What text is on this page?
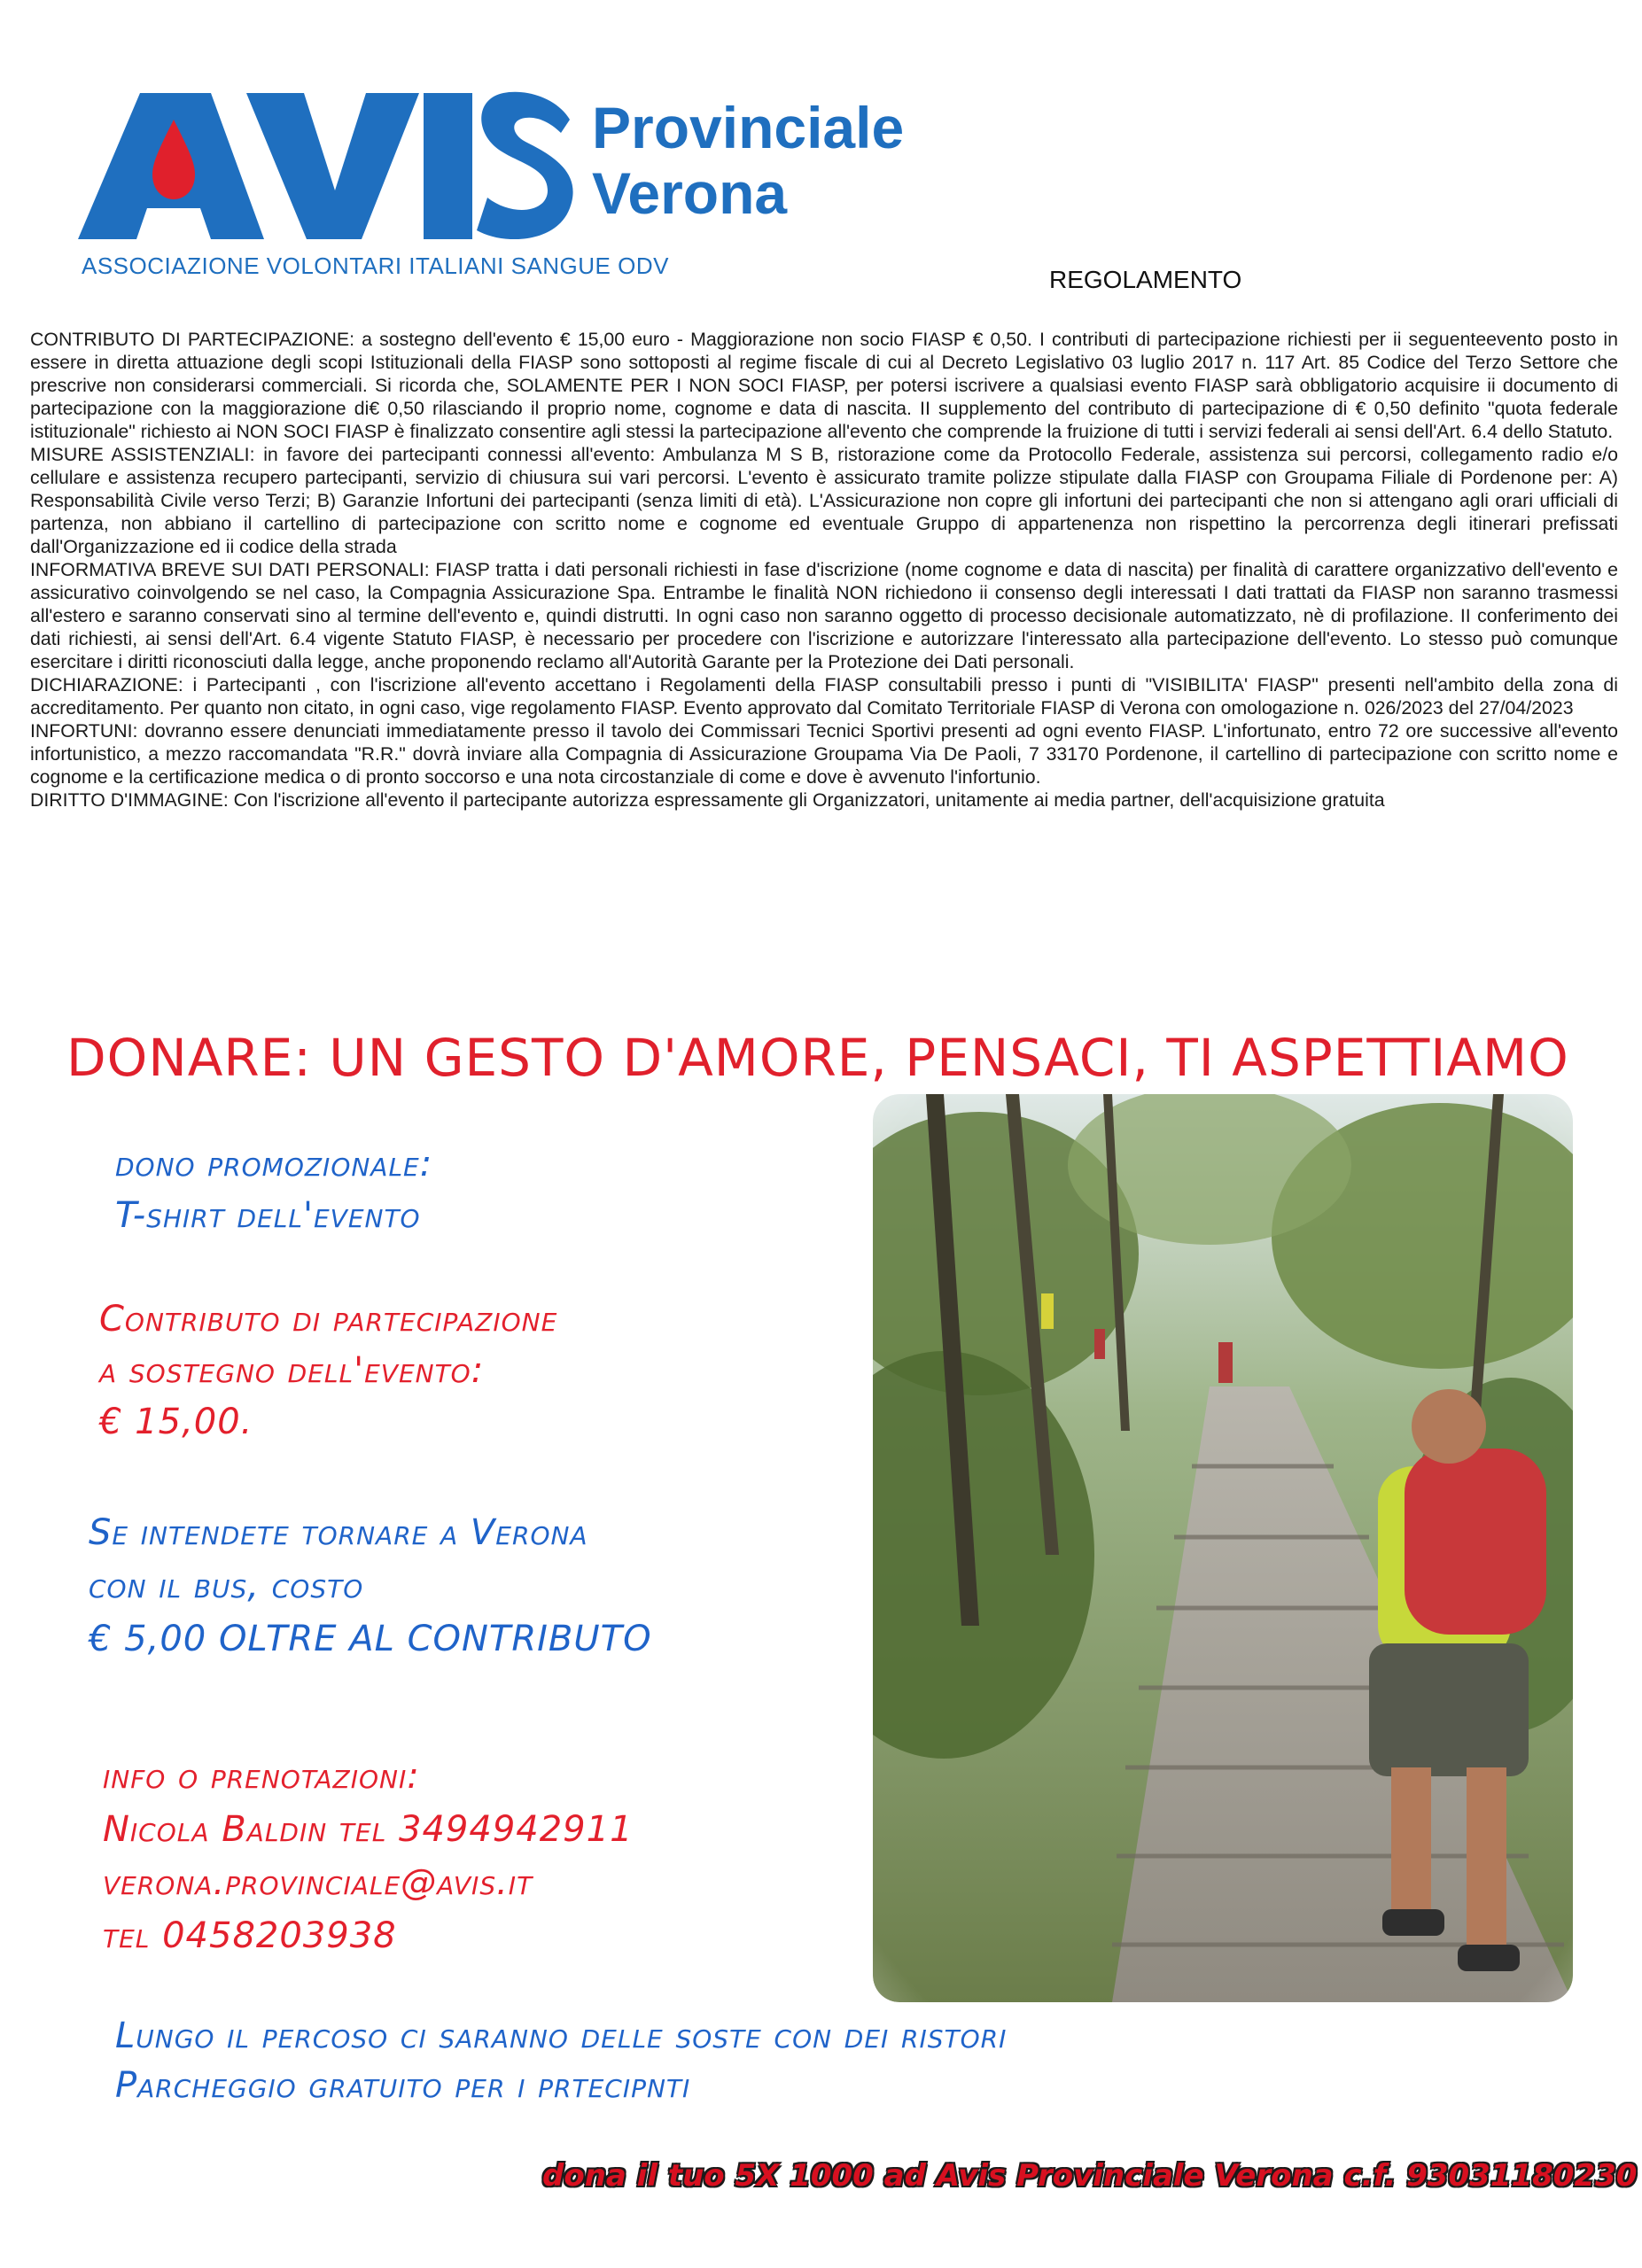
Provinciale
Verona
ASSOCIAZIONE VOLONTARI ITALIANI SANGUE ODV	REGOLAMENTO

CONTRIBUTO DI PARTECIPAZIONE: a sostegno dell'evento € 15,00 euro - Maggiorazione non socio FIASP € 0,50. I contributi di partecipazione richiesti per ii seguenteevento posto in essere in diretta attuazione degli scopi Istituzionali della FIASP sono sottoposti al regime fiscale di cui al Decreto Legislativo 03 luglio 2017 n. 117 Art. 85 Codice del Terzo Settore che prescrive non considerarsi commerciali. Si ricorda che, SOLAMENTE PER I NON SOCI FIASP, per potersi iscrivere a qualsiasi evento FIASP sarà obbligatorio acquisire ii documento di partecipazione con la maggiorazione di€ 0,50 rilasciando il proprio nome, cognome e data di nascita. II supplemento del contributo di partecipazione di € 0,50 definito "quota federale istituzionale" richiesto ai NON SOCI FIASP è finalizzato consentire agli stessi la partecipazione all'evento che comprende la fruizione di tutti i servizi federali ai sensi dell'Art. 6.4 dello Statuto.

MISURE ASSISTENZIALI: in favore dei partecipanti connessi all'evento: Ambulanza M S B, ristorazione come da Protocollo Federale, assistenza sui percorsi, collegamento radio e/o cellulare e assistenza recupero partecipanti, servizio di chiusura sui vari percorsi. L'evento è assicurato tramite polizze stipulate dalla FIASP con Groupama Filiale di Pordenone per: A) Responsabilità Civile verso Terzi; B) Garanzie Infortuni dei partecipanti (senza limiti di età). L'Assicurazione non copre gli infortuni dei partecipanti che non si attengano agli orari ufficiali di partenza, non abbiano il cartellino di partecipazione con scritto nome e cognome ed eventuale Gruppo di appartenenza non rispettino la percorrenza degli itinerari prefissati dall'Organizzazione ed ii codice della strada

INFORMATIVA BREVE SUI DATI PERSONALI: FIASP tratta i dati personali richiesti in fase d'iscrizione (nome cognome e data di nascita) per finalità di carattere organizzativo dell'evento e assicurativo coinvolgendo se nel caso, la Compagnia Assicurazione Spa. Entrambe le finalità NON richiedono ii consenso degli interessati I dati trattati da FIASP non saranno trasmessi all'estero e saranno conservati sino al termine dell'evento e, quindi distrutti. In ogni caso non saranno oggetto di processo decisionale automatizzato, nè di profilazione. II conferimento dei dati richiesti, ai sensi dell'Art. 6.4 vigente Statuto FIASP, è necessario per procedere con l'iscrizione e autorizzare l'interessato alla partecipazione dell'evento. Lo stesso può comunque esercitare i diritti riconosciuti dalla legge, anche proponendo reclamo all'Autorità Garante per la Protezione dei Dati personali.

DICHIARAZIONE: i Partecipanti , con l'iscrizione all'evento accettano i Regolamenti della FIASP consultabili presso i punti di "VISIBILITA' FIASP" presenti nell'ambito della zona di accreditamento. Per quanto non citato, in ogni caso, vige regolamento FIASP. Evento approvato dal Comitato Territoriale FIASP di Verona con omologazione n. 026/2023 del 27/04/2023

INFORTUNI: dovranno essere denunciati immediatamente presso il tavolo dei Commissari Tecnici Sportivi presenti ad ogni evento FIASP. L'infortunato, entro 72 ore successive all'evento infortunistico, a mezzo raccomandata "R.R." dovrà inviare alla Compagnia di Assicurazione Groupama Via De Paoli, 7 33170 Pordenone, il cartellino di partecipazione con scritto nome e cognome e la certificazione medica o di pronto soccorso e una nota circostanziale di come e dove è avvenuto l'infortunio.

DIRITTO D'IMMAGINE: Con l'iscrizione all'evento il partecipante autorizza espressamente gli Organizzatori, unitamente ai media partner, dell'acquisizione gratuita

DONARE: UN GESTO D'AMORE, PENSACI, TI ASPETTIAMO
dono promozionale:
T-shirt dell'evento
Contributo di partecipazione
a sostegno dell'evento:
€ 15,00.
Se intendete tornare a Verona
con il bus, costo
€ 5,00 OLTRE AL CONTRIBUTO
info o prenotazioni:
Nicola Baldin tel 3494942911
verona.provinciale@avis.it
tel 0458203938
Lungo il percoso ci saranno delle soste con dei ristori
Parcheggio gratuito per i prtecipnti
dona il tuo 5X 1000 ad Avis Provinciale Verona c.f. 93031180230
